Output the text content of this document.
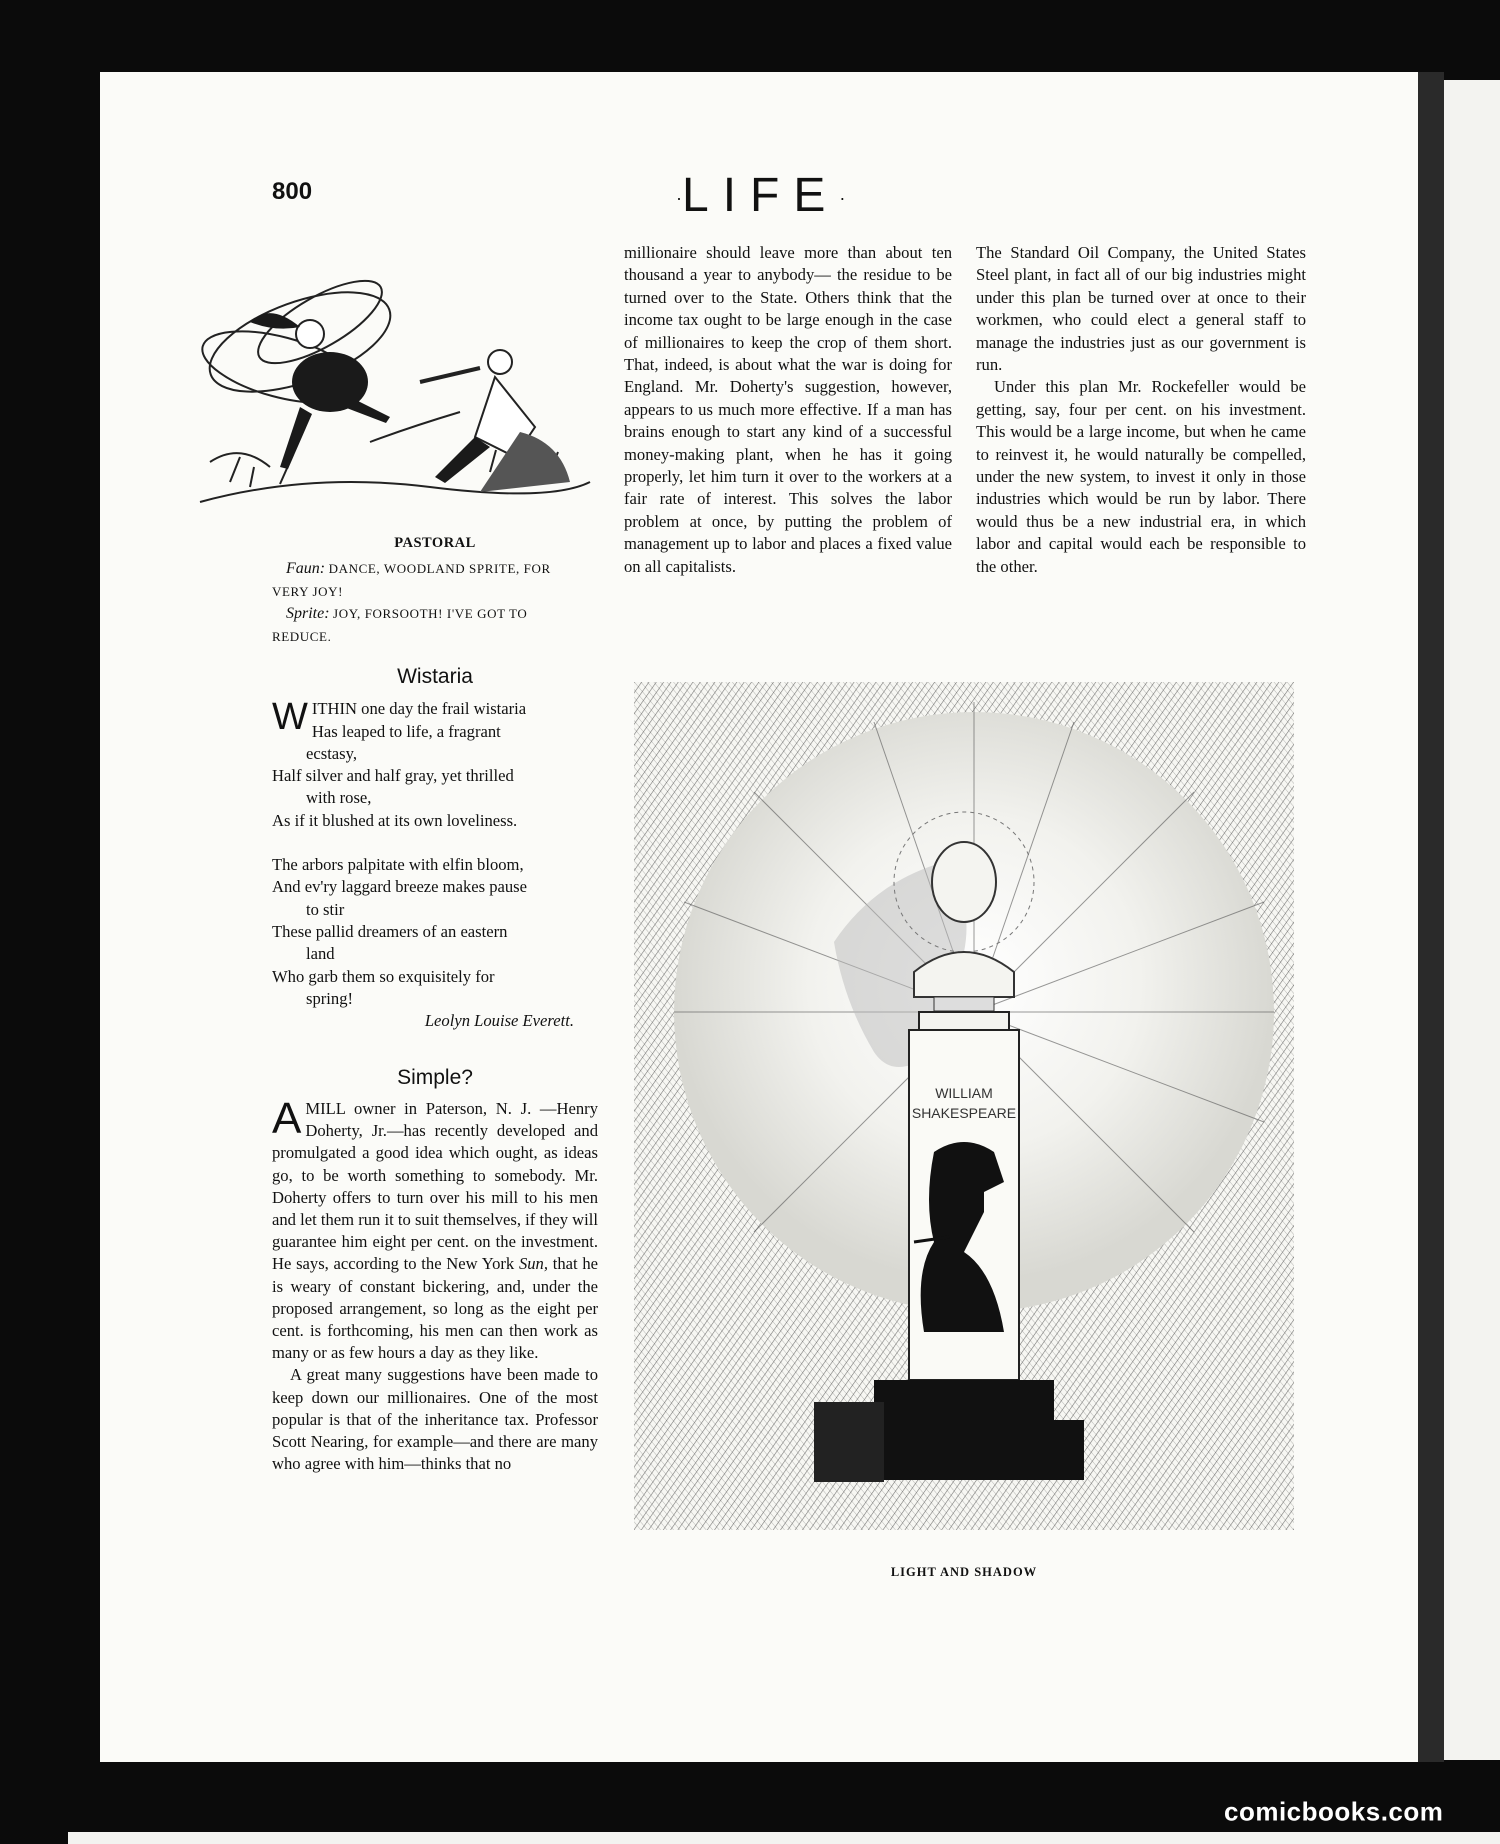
800	·LIFE·
PASTORAL
Faun: DANCE, WOODLAND SPRITE, FOR
VERY JOY!
Sprite: JOY, FORSOOTH! I'VE GOT TO
REDUCE.

Wistaria

WITHIN one day the frail wistaria

Has leaped to life, a fragrant

ecstasy,

Half silver and half gray, yet thrilled

with rose,

As if it blushed at its own loveliness.

The arbors palpitate with elfin bloom,

And ev'ry laggard breeze makes pause

to stir

These pallid dreamers of an eastern

land

Who garb them so exquisitely for

spring!

Leolyn Louise Everett.

Simple?

AMILL owner in Paterson, N. J. —Henry Doherty, Jr.—has recently developed and promulgated a good idea which ought, as ideas go, to be worth something to somebody. Mr. Doherty offers to turn over his mill to his men and let them run it to suit themselves, if they will guarantee him eight per cent. on the investment. He says, according to the New York Sun, that he is weary of constant bickering, and, under the proposed arrangement, so long as the eight per cent. is forthcoming, his men can then work as many or as few hours a day as they like.

A great many suggestions have been made to keep down our millionaires. One of the most popular is that of the inheritance tax. Professor Scott Nearing, for example—and there are many who agree with him—thinks that no

millionaire should leave more than about ten thousand a year to anybody— the residue to be turned over to the State. Others think that the income tax ought to be large enough in the case of millionaires to keep the crop of them short. That, indeed, is about what the war is doing for England. Mr. Doherty's suggestion, however, appears to us much more effective. If a man has brains enough to start any kind of a successful money-making plant, when he has it going properly, let him turn it over to the workers at a fair rate of interest. This solves the labor problem at once, by putting the problem of management up to labor and places a fixed value on all capitalists.
The Standard Oil Company, the United States Steel plant, in fact all of our big industries might under this plan be turned over at once to their workmen, who could elect a general staff to manage the industries just as our government is run.
Under this plan Mr. Rockefeller would be getting, say, four per cent. on his investment. This would be a large income, but when he came to reinvest it, he would naturally be compelled, under the new system, to invest it only in those industries which would be run by labor. There would thus be a new industrial era, in which labor and capital would each be responsible to the other.
WILLIAM
SHAKESPEARE
LIGHT AND SHADOW
comicbooks.com
